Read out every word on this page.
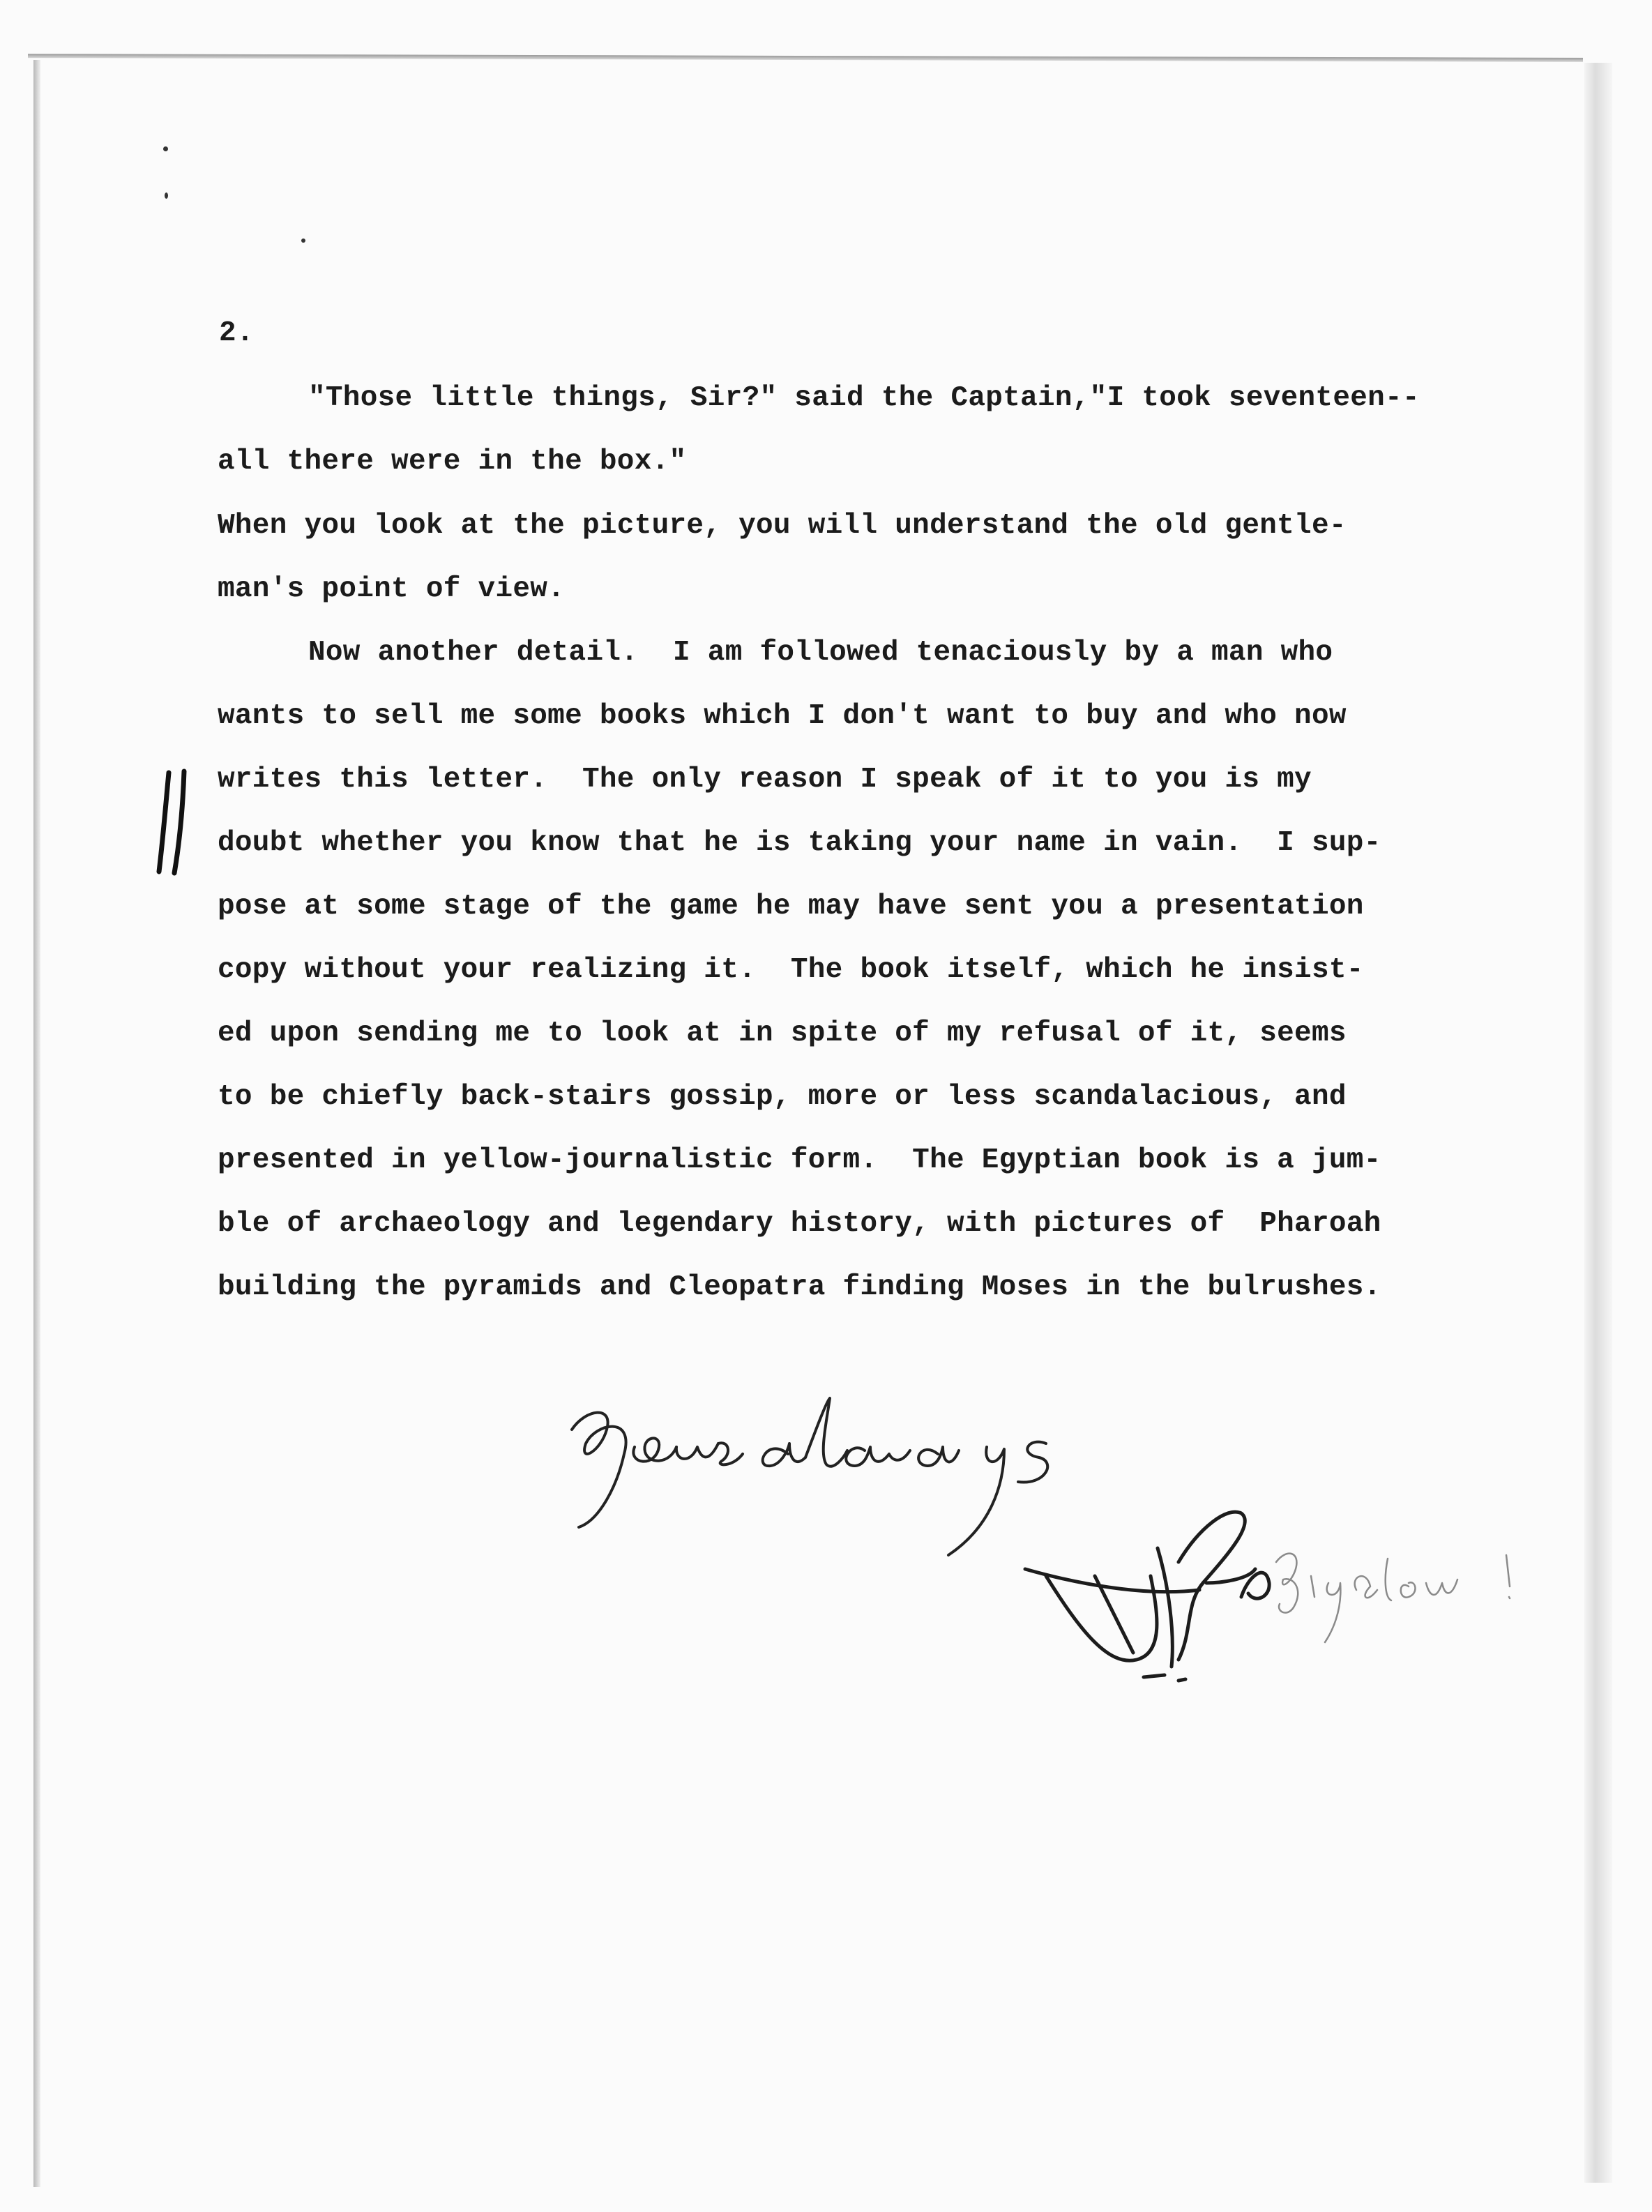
2.
"Those little things, Sir?" said the Captain,"I took seventeen--
all there were in the box."
When you look at the picture, you will understand the old gentle-
man's point of view.
Now another detail.  I am followed tenaciously by a man who
wants to sell me some books which I don't want to buy and who now
writes this letter.  The only reason I speak of it to you is my
doubt whether you know that he is taking your name in vain.  I sup-
pose at some stage of the game he may have sent you a presentation
copy without your realizing it.  The book itself, which he insist-
ed upon sending me to look at in spite of my refusal of it, seems
to be chiefly back-stairs gossip, more or less scandalacious, and
presented in yellow-journalistic form.  The Egyptian book is a jum-
ble of archaeology and legendary history, with pictures of  Pharoah
building the pyramids and Cleopatra finding Moses in the bulrushes.
